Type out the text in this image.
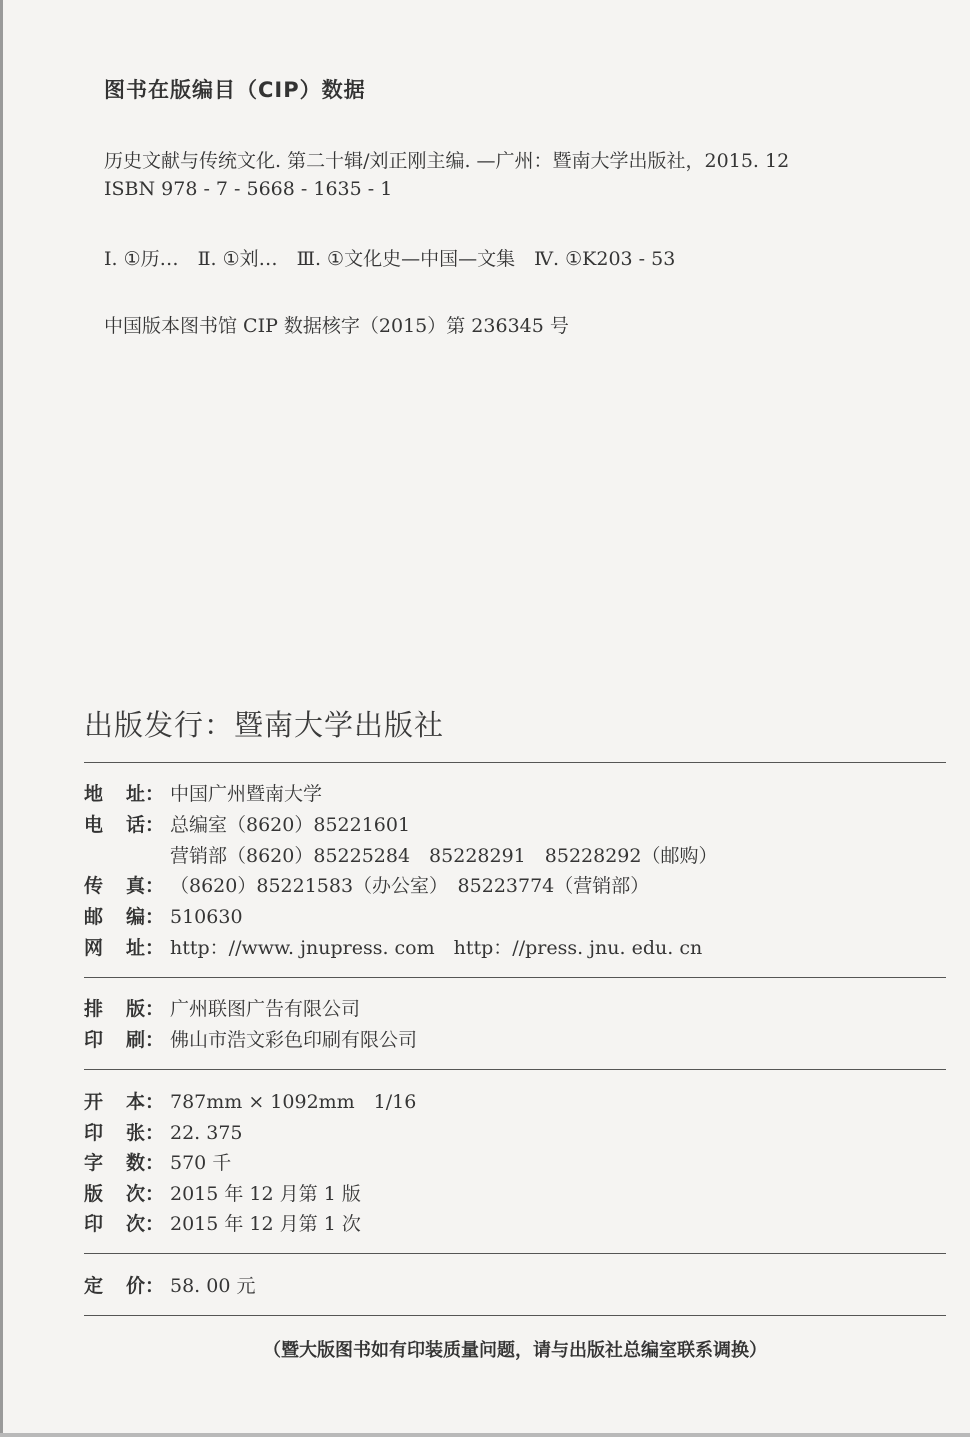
图书在版编目（CIP）数据
历史文献与传统文化. 第二十辑/刘正刚主编. —广州：暨南大学出版社，2015. 12
ISBN 978 - 7 - 5668 - 1635 - 1
Ⅰ. ①历…　Ⅱ. ①刘…　Ⅲ. ①文化史—中国—文集　Ⅳ. ①K203 - 53
中国版本图书馆 CIP 数据核字（2015）第 236345 号
出版发行：暨南大学出版社
地 址： 中国广州暨南大学
电 话： 总编室（8620）85221601
营销部（8620）85225284　85228291　85228292（邮购）
传 真： （8620）85221583（办公室）　85223774（营销部）
邮 编： 510630
网 址： http：//www. jnupress. com　http：//press. jnu. edu. cn
排 版： 广州联图广告有限公司
印 刷： 佛山市浩文彩色印刷有限公司
开 本： 787mm × 1092mm　1/16
印 张： 22. 375
字 数： 570 千
版 次： 2015 年 12 月第 1 版
印 次： 2015 年 12 月第 1 次
定 价： 58. 00 元
（暨大版图书如有印装质量问题，请与出版社总编室联系调换）
